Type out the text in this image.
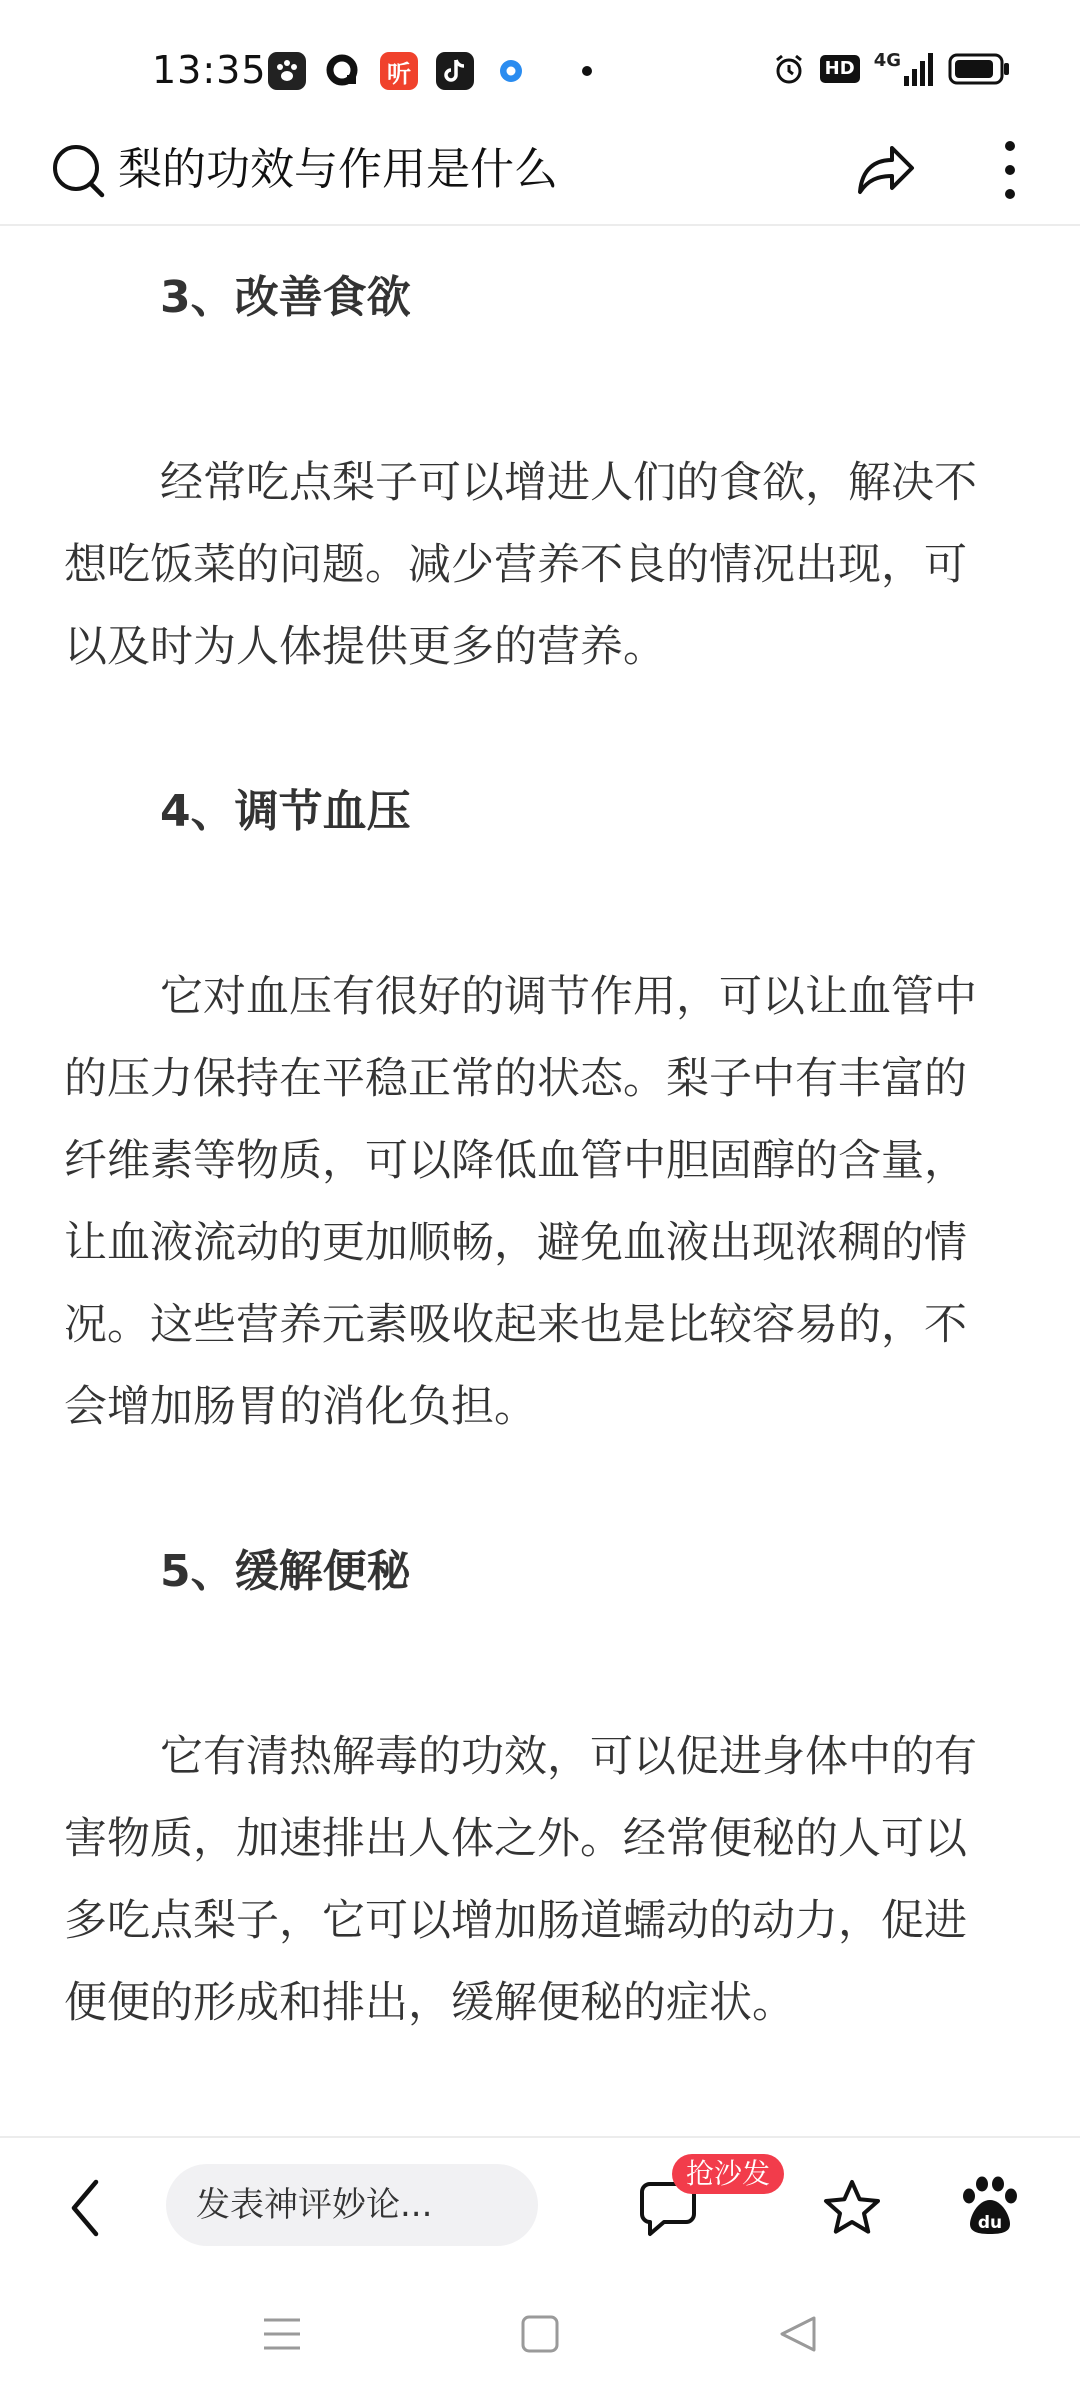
13:35	听	HD 4G
梨的功效与作用是什么
3、改善食欲

经常吃点梨子可以增进人们的食欲，解决不想吃饭菜的问题。减少营养不良的情况出现，可以及时为人体提供更多的营养。

4、调节血压

它对血压有很好的调节作用，可以让血管中的压力保持在平稳正常的状态。梨子中有丰富的 纤维素等物质，可以降低血管中胆固醇的含量，让血液流动的更加顺畅，避免血液出现浓稠的情况。这些营养元素吸收起来也是比较容易的，不会增加肠胃的消化负担。

5、缓解便秘

它有清热解毒的功效，可以促进身体中的有害物质，加速排出人体之外。经常便秘的人可以多吃点梨子，它可以增加肠道蠕动的动力，促进便便的形成和排出，缓解便秘的症状。

发表神评妙论...
抢沙发
du
